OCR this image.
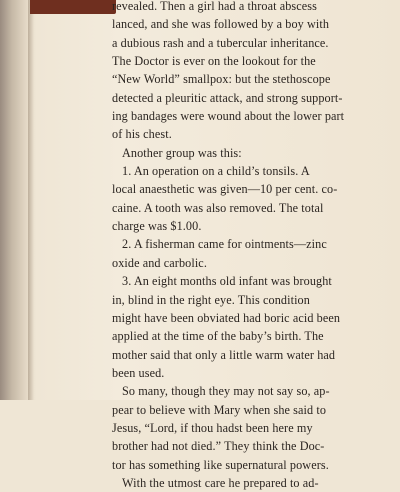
revealed. Then a girl had a throat abscess
lanced, and she was followed by a boy with
a dubious rash and a tubercular inheritance.
The Doctor is ever on the lookout for the
“New World” smallpox: but the stethoscope
detected a pleuritic attack, and strong support-
ing bandages were wound about the lower part
of his chest.
Another group was this:
1. An operation on a child’s tonsils. A
local anaesthetic was given—10 per cent. co-
caine. A tooth was also removed. The total
charge was $1.00.
2. A fisherman came for ointments—zinc
oxide and carbolic.
3. An eight months old infant was brought
in, blind in the right eye. This condition
might have been obviated had boric acid been
applied at the time of the baby’s birth. The
mother said that only a little warm water had
been used.
So many, though they may not say so, ap-
pear to believe with Mary when she said to
Jesus, “Lord, if thou hadst been here my
brother had not died.” They think the Doc-
tor has something like supernatural powers.
With the utmost care he prepared to ad-
